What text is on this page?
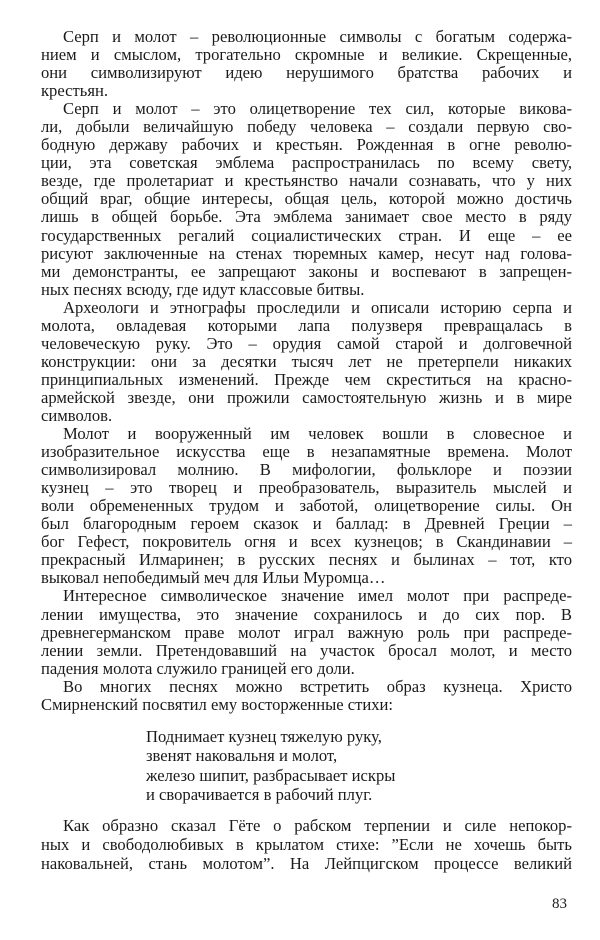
Серп и молот – революционные символы с богатым содержа-
нием и смыслом, трогательно скромные и великие. Скрещенные,
они символизируют идею нерушимого братства рабочих и
крестьян.
Серп и молот – это олицетворение тех сил, которые викова-
ли, добыли величайшую победу человека – создали первую сво-
бодную державу рабочих и крестьян. Рожденная в огне револю-
ции, эта советская эмблема распространилась по всему свету,
везде, где пролетариат и крестьянство начали сознавать, что у них
общий враг, общие интересы, общая цель, которой можно достичь
лишь в общей борьбе. Эта эмблема занимает свое место в ряду
государственных регалий социалистических стран. И еще – ее
рисуют заключенные на стенах тюремных камер, несут над голова-
ми демонстранты, ее запрещают законы и воспевают в запрещен-
ных песнях всюду, где идут классовые битвы.
Археологи и этнографы проследили и описали историю серпа и
молота, овладевая которыми лапа полузверя превращалась в
человеческую руку. Это – орудия самой старой и долговечной
конструкции: они за десятки тысяч лет не претерпели никаких
принципиальных изменений. Прежде чем скреститься на красно-
армейской звезде, они прожили самостоятельную жизнь и в мире
символов.
Молот и вооруженный им человек вошли в словесное и
изобразительное искусства еще в незапамятные времена. Молот
символизировал молнию. В мифологии, фольклоре и поэзии
кузнец – это творец и преобразователь, выразитель мыслей и
воли обремененных трудом и заботой, олицетворение силы. Он
был благородным героем сказок и баллад: в Древней Греции –
бог Гефест, покровитель огня и всех кузнецов; в Скандинавии –
прекрасный Илмаринен; в русских песнях и былинах – тот, кто
выковал непобедимый меч для Ильи Муромца…
Интересное символическое значение имел молот при распреде-
лении имущества, это значение сохранилось и до сих пор. В
древнегерманском праве молот играл важную роль при распреде-
лении земли. Претендовавший на участок бросал молот, и место
падения молота служило границей его доли.
Во многих песнях можно встретить образ кузнеца. Христо
Смирненский посвятил ему восторженные стихи:
Поднимает кузнец тяжелую руку,
звенят наковальня и молот,
железо шипит, разбрасывает искры
и сворачивается в рабочий плуг.
Как образно сказал Гёте о рабском терпении и силе непокор-
ных и свободолюбивых в крылатом стихе: ”Если не хочешь быть
наковальней, стань молотом”. На Лейпцигском процессе великий
83
